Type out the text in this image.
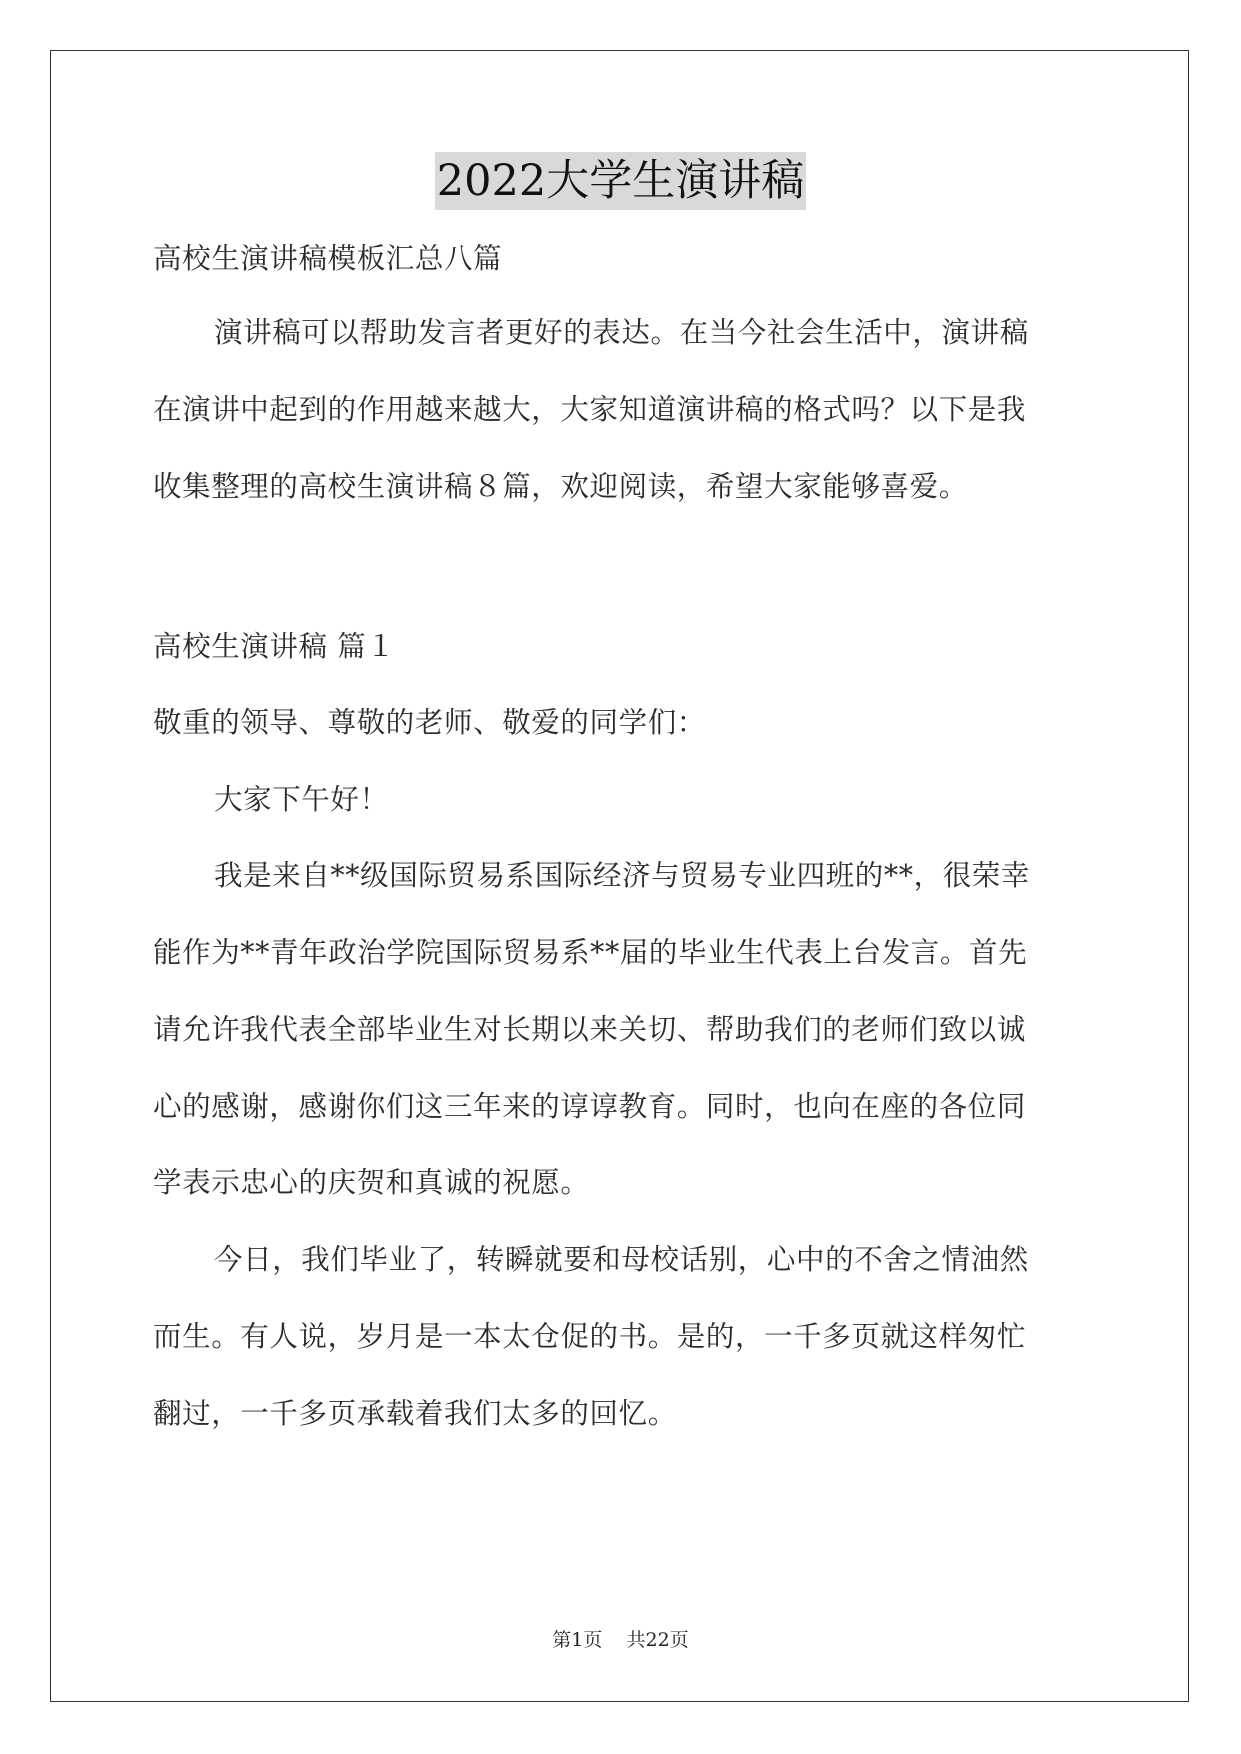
2022大学生演讲稿
高校生演讲稿模板汇总八篇
演讲稿可以帮助发言者更好的表达。在当今社会生活中，演讲稿
在演讲中起到的作用越来越大，大家知道演讲稿的格式吗？以下是我
收集整理的高校生演讲稿８篇，欢迎阅读，希望大家能够喜爱。
高校生演讲稿 篇１
敬重的领导、尊敬的老师、敬爱的同学们：
大家下午好！
我是来自**级国际贸易系国际经济与贸易专业四班的**，很荣幸
能作为**青年政治学院国际贸易系**届的毕业生代表上台发言。首先
请允许我代表全部毕业生对长期以来关切、帮助我们的老师们致以诚
心的感谢，感谢你们这三年来的谆谆教育。同时，也向在座的各位同
学表示忠心的庆贺和真诚的祝愿。
今日，我们毕业了，转瞬就要和母校话别，心中的不舍之情油然
而生。有人说，岁月是一本太仓促的书。是的，一千多页就这样匆忙
翻过，一千多页承载着我们太多的回忆。
第1页    共22页
